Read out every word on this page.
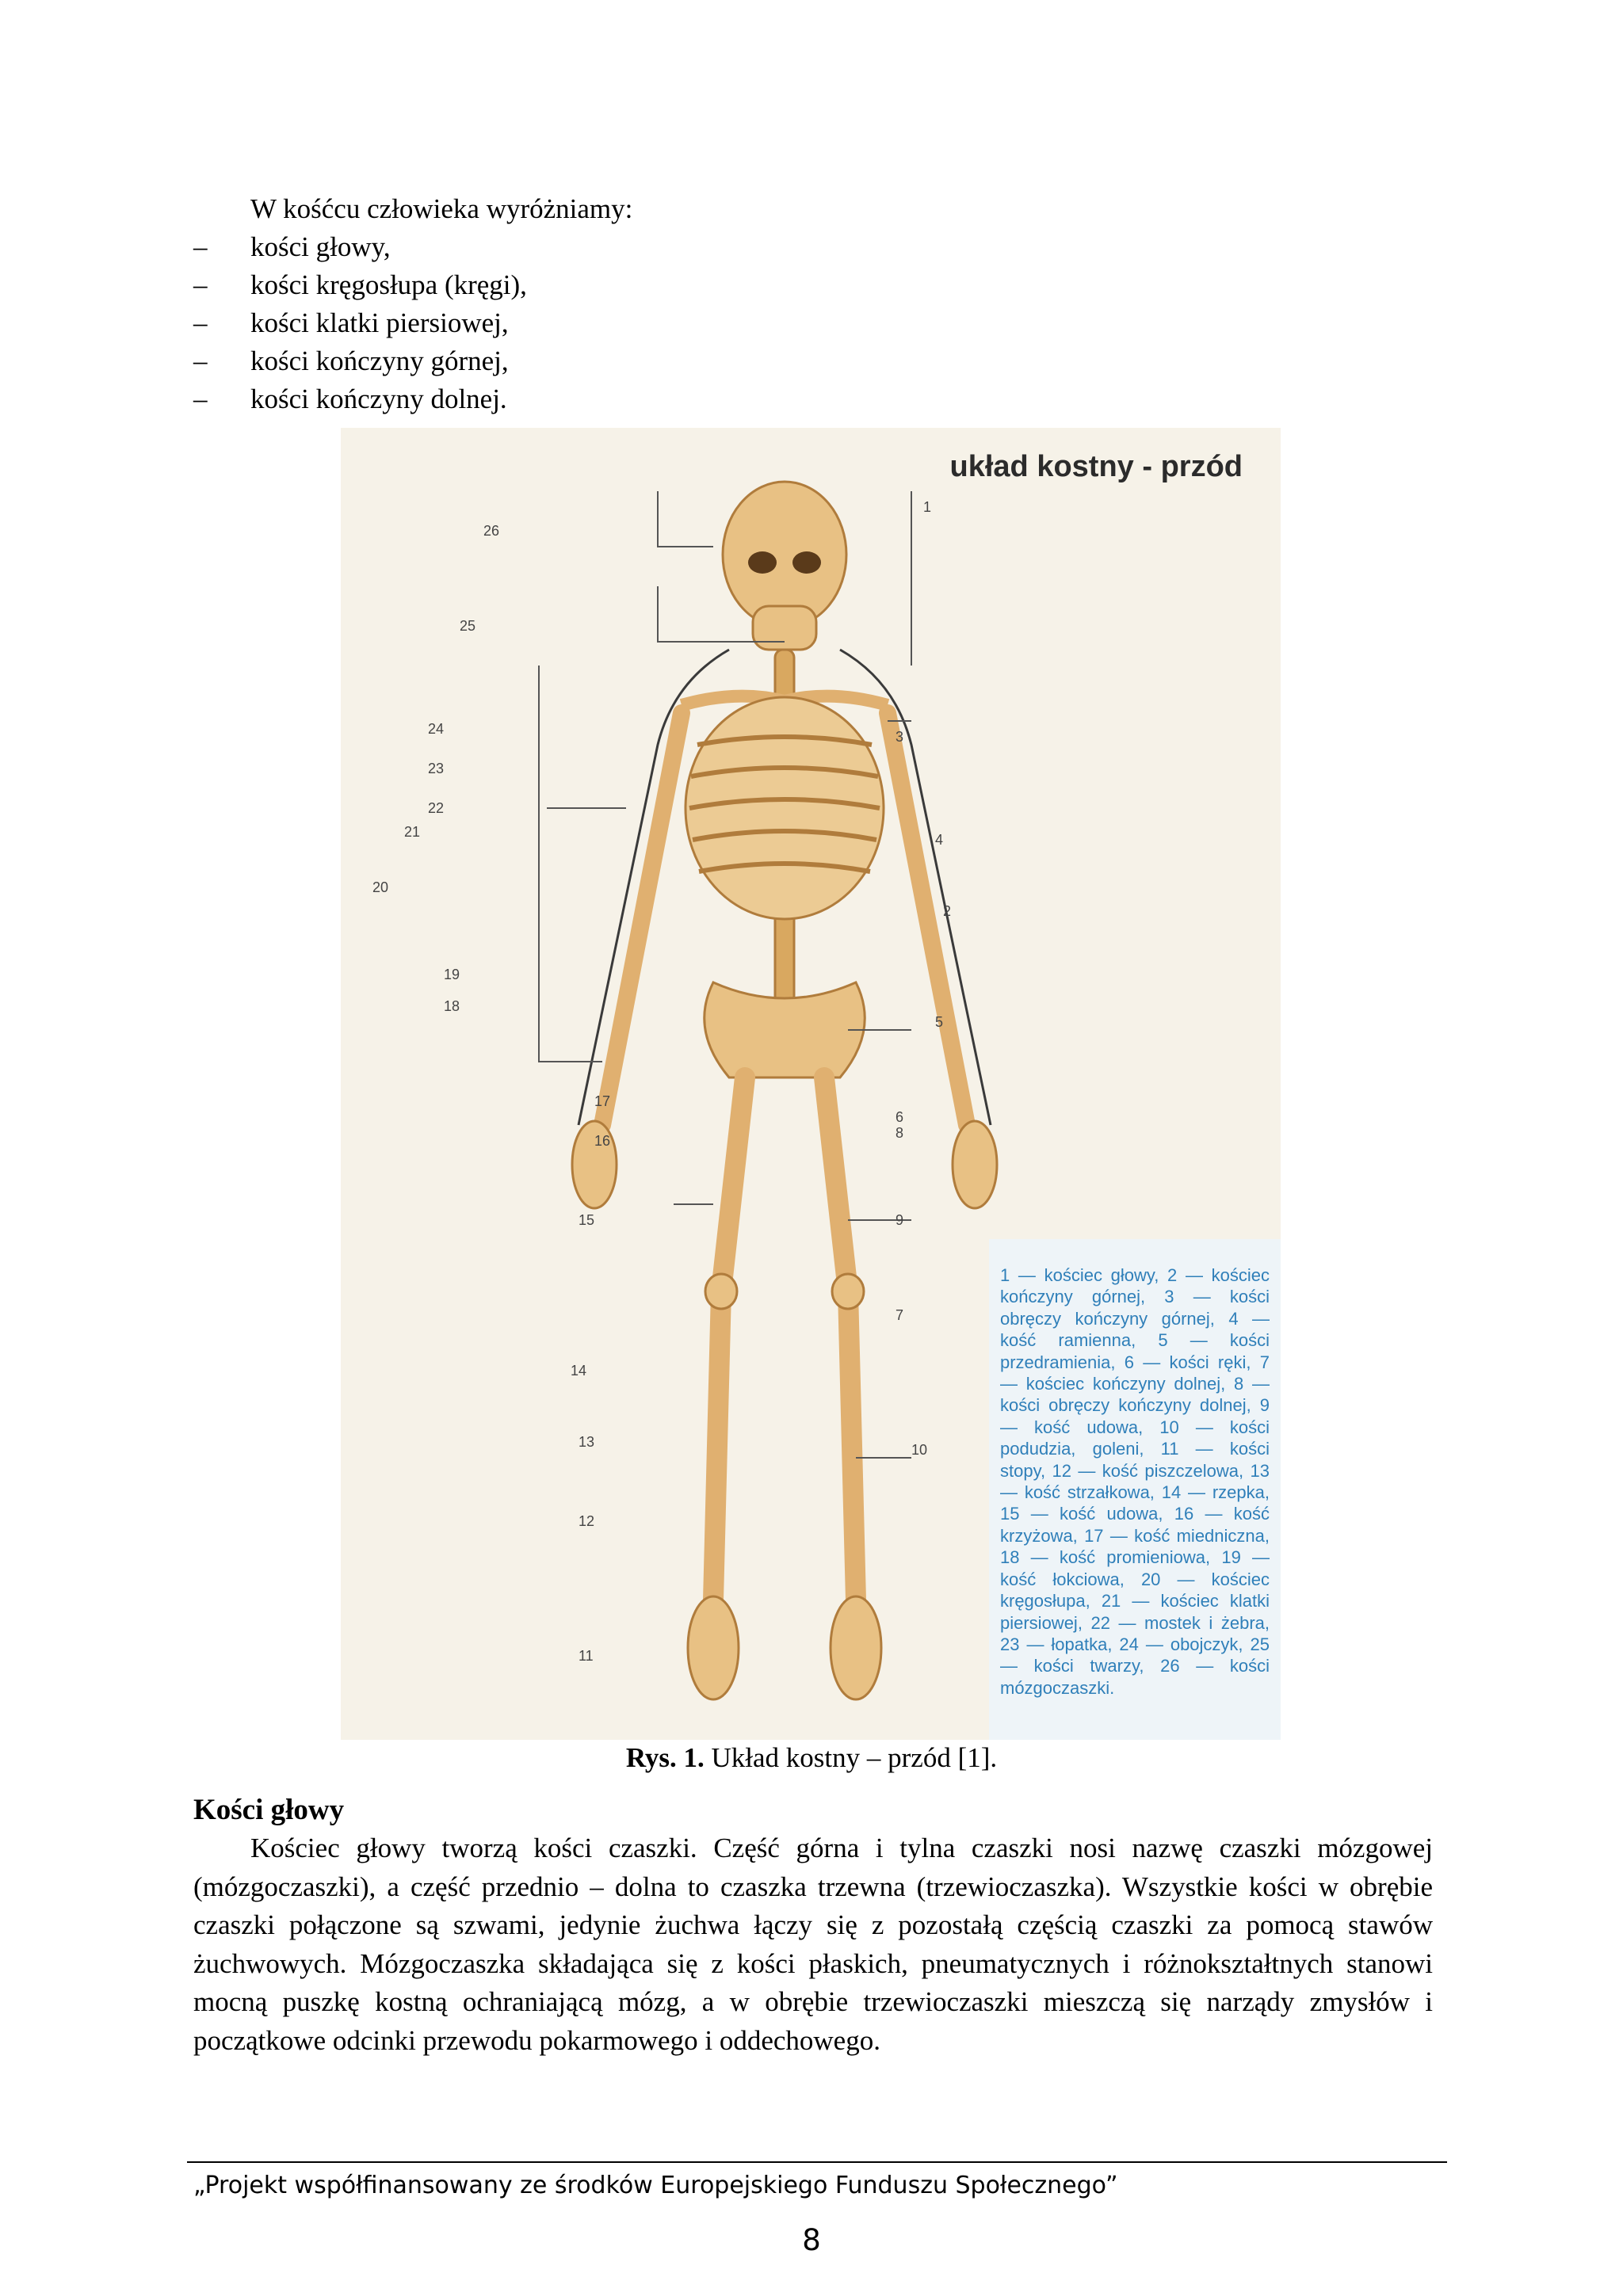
W kośćcu człowieka wyróżniamy:

– kości głowy,
– kości kręgosłupa (kręgi),
– kości klatki piersiowej,
– kości kończyny górnej,
– kości kończyny dolnej.

układ kostny - przód

26
25
24
23
22
21
20
19
18
17
16
15
14
13
12
11
1
3
4
2
5
6
8
9
7
10

1 — kościec głowy, 2 — kościec kończyny górnej, 3 — kości obręczy kończyny górnej, 4 — kość ramienna, 5 — kości przedramienia, 6 — kości ręki, 7 — kościec kończyny dolnej, 8 — kości obręczy kończyny dolnej, 9 — kość udowa, 10 — kości podudzia, goleni, 11 — kości stopy, 12 — kość piszczelowa, 13 — kość strzałkowa, 14 — rzepka, 15 — kość udowa, 16 — kość krzyżowa, 17 — kość miedniczna, 18 — kość promieniowa, 19 — kość łokciowa, 20 — kościec kręgosłupa, 21 — kościec klatki piersiowej, 22 — mostek i żebra, 23 — łopatka, 24 — obojczyk, 25 — kości twarzy, 26 — kości mózgoczaszki.

Rys. 1. Układ kostny – przód [1].

Kości głowy

Kościec głowy tworzą kości czaszki. Część górna i tylna czaszki nosi nazwę czaszki mózgowej (mózgoczaszki), a część przednio – dolna to czaszka trzewna (trzewioczaszka). Wszystkie kości w obrębie czaszki połączone są szwami, jedynie żuchwa łączy się z pozostałą częścią czaszki za pomocą stawów żuchwowych. Mózgoczaszka składająca się z kości płaskich, pneumatycznych i różnokształtnych stanowi mocną puszkę kostną ochraniającą mózg, a w obrębie trzewioczaszki mieszczą się narządy zmysłów i początkowe odcinki przewodu pokarmowego i oddechowego.

„Projekt współfinansowany ze środków Europejskiego Funduszu Społecznego”

8
